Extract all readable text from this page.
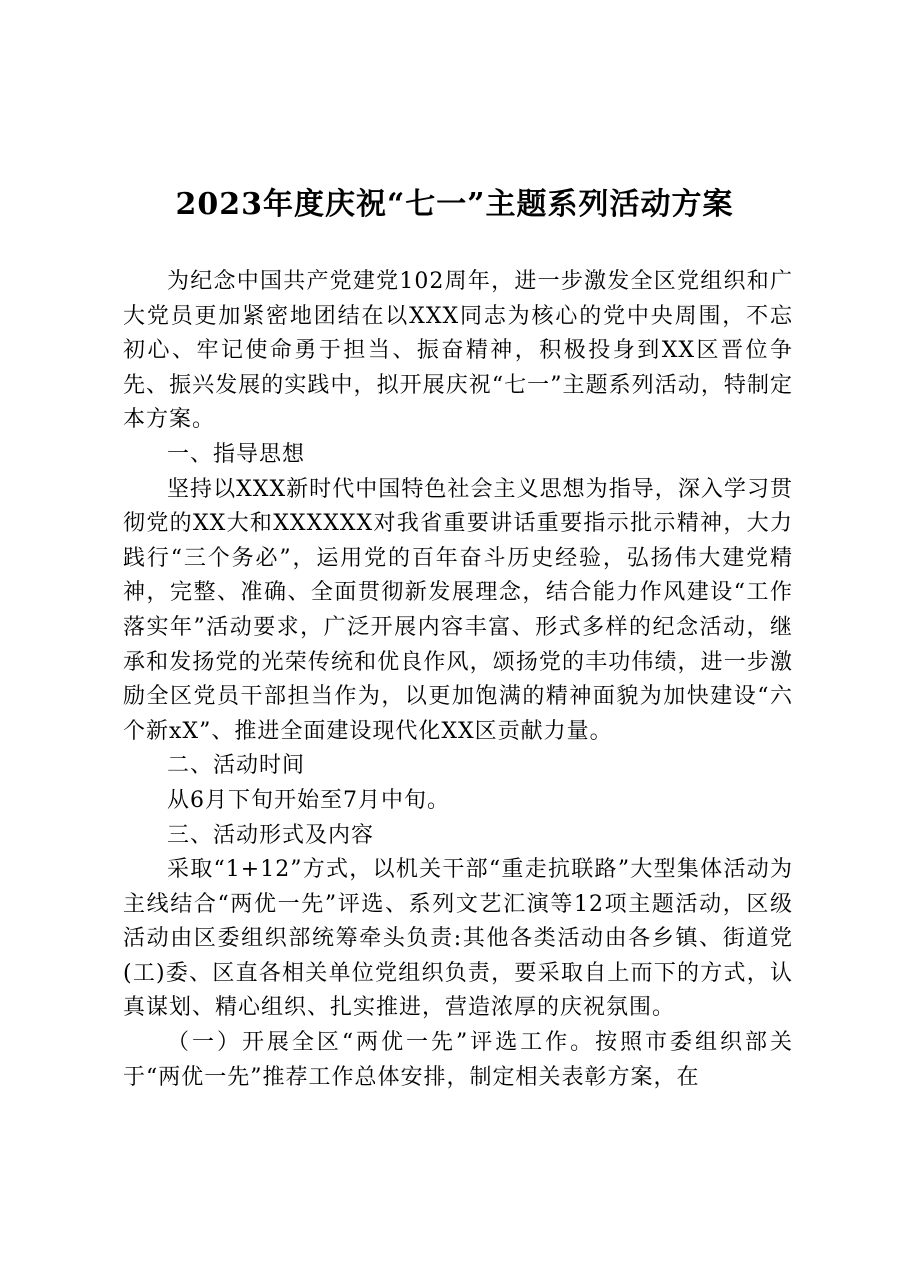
2023年度庆祝“七一”主题系列活动方案

为纪念中国共产党建党102周年，进一步激发全区党组织和广大党员更加紧密地团结在以XXX同志为核心的党中央周围，不忘初心、牢记使命勇于担当、振奋精神，积极投身到XX区晋位争先、振兴发展的实践中，拟开展庆祝“七一”主题系列活动，特制定本方案。

一、指导思想

坚持以XXX新时代中国特色社会主义思想为指导，深入学习贯彻党的XX大和XXXXXX对我省重要讲话重要指示批示精神，大力践行“三个务必”，运用党的百年奋斗历史经验，弘扬伟大建党精神，完整、准确、全面贯彻新发展理念，结合能力作风建设“工作落实年”活动要求，广泛开展内容丰富、形式多样的纪念活动，继承和发扬党的光荣传统和优良作风，颂扬党的丰功伟绩，进一步激励全区党员干部担当作为，以更加饱满的精神面貌为加快建设“六个新xX”、推进全面建设现代化XX区贡献力量。

二、活动时间

从6月下旬开始至7月中旬。

三、活动形式及内容

采取“1+12”方式，以机关干部“重走抗联路”大型集体活动为主线结合“两优一先”评选、系列文艺汇演等12项主题活动，区级活动由区委组织部统筹牵头负责:其他各类活动由各乡镇、街道党(工)委、区直各相关单位党组织负责，要采取自上而下的方式，认真谋划、精心组织、扎实推进，营造浓厚的庆祝氛围。

（一）开展全区“两优一先”评选工作。按照市委组织部关于“两优一先”推荐工作总体安排，制定相关表彰方案，在
